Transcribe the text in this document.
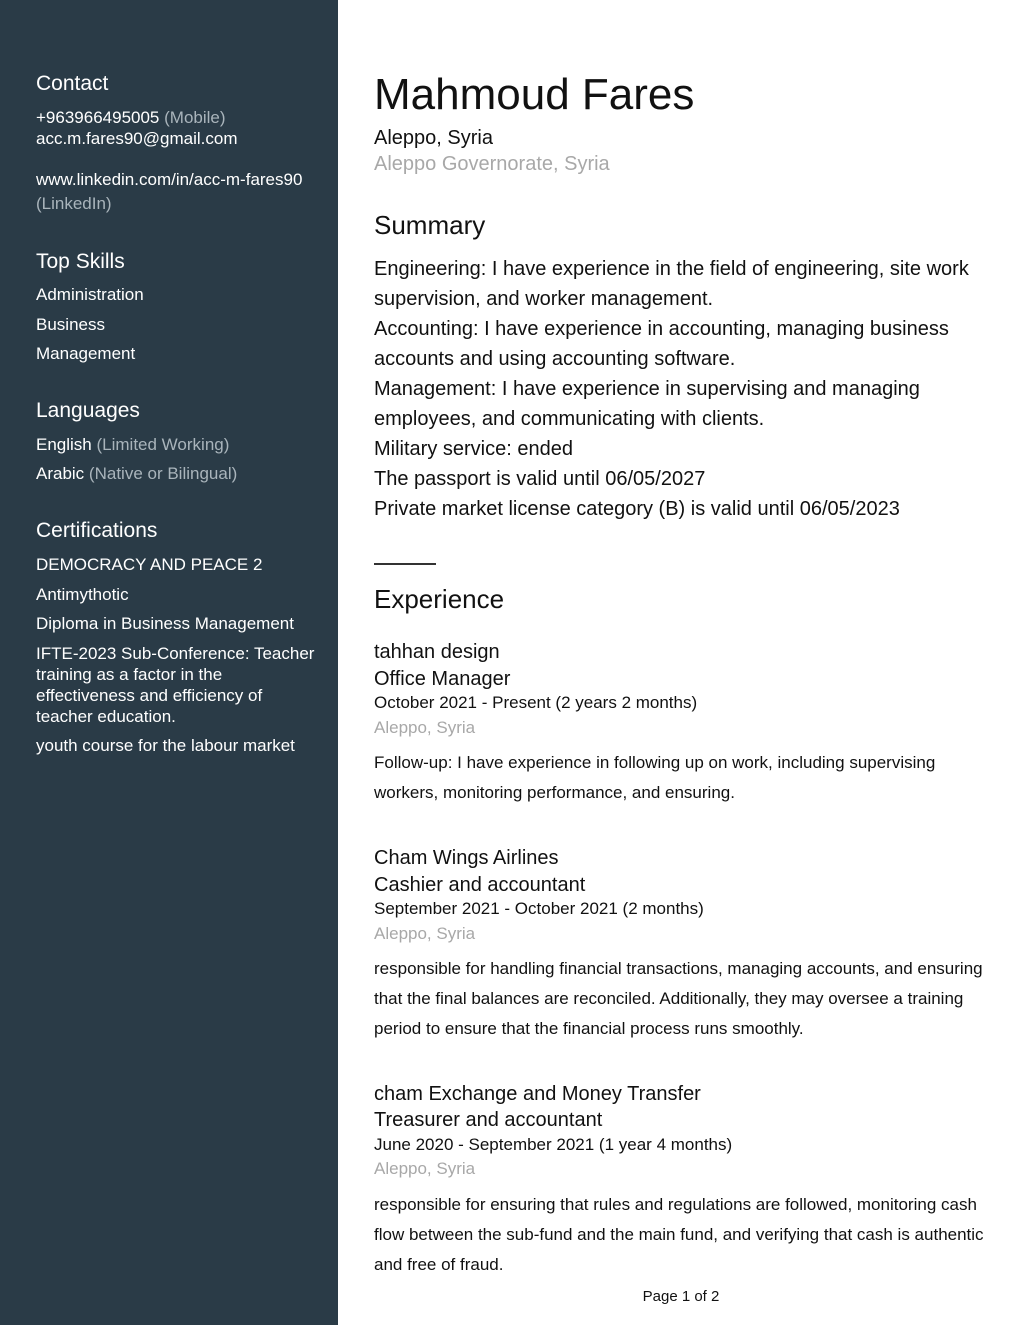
Contact
+963966495005 (Mobile)
acc.m.fares90@gmail.com
www.linkedin.com/in/acc-m-fares90
(LinkedIn)
Top Skills
Administration
Business
Management
Languages
English (Limited Working)
Arabic (Native or Bilingual)
Certifications
DEMOCRACY AND PEACE 2
Antimythotic
Diploma in Business Management
IFTE-2023 Sub-Conference: Teacher training as a factor in the effectiveness and efficiency of teacher education.
youth course for the labour market
Mahmoud Fares
Aleppo, Syria
Aleppo Governorate, Syria
Summary
Engineering: I have experience in the field of engineering, site work
supervision, and worker management.
Accounting: I have experience in accounting, managing business
accounts and using accounting software.
Management: I have experience in supervising and managing
employees, and communicating with clients.
Military service: ended
The passport is valid until 06/05/2027
Private market license category (B) is valid until 06/05/2023
Experience
tahhan design
Office Manager
October 2021 - Present (2 years 2 months)
Aleppo, Syria
Follow-up: I have experience in following up on work, including supervising workers, monitoring performance, and ensuring.
Cham Wings Airlines
Cashier and accountant
September 2021 - October 2021 (2 months)
Aleppo, Syria
responsible for handling financial transactions, managing accounts, and ensuring that the final balances are reconciled. Additionally, they may oversee a training period to ensure that the financial process runs smoothly.
cham Exchange and Money Transfer
Treasurer and accountant
June 2020 - September 2021 (1 year 4 months)
Aleppo, Syria
responsible for ensuring that rules and regulations are followed, monitoring cash flow between the sub-fund and the main fund, and verifying that cash is authentic and free of fraud.
Page 1 of 2
